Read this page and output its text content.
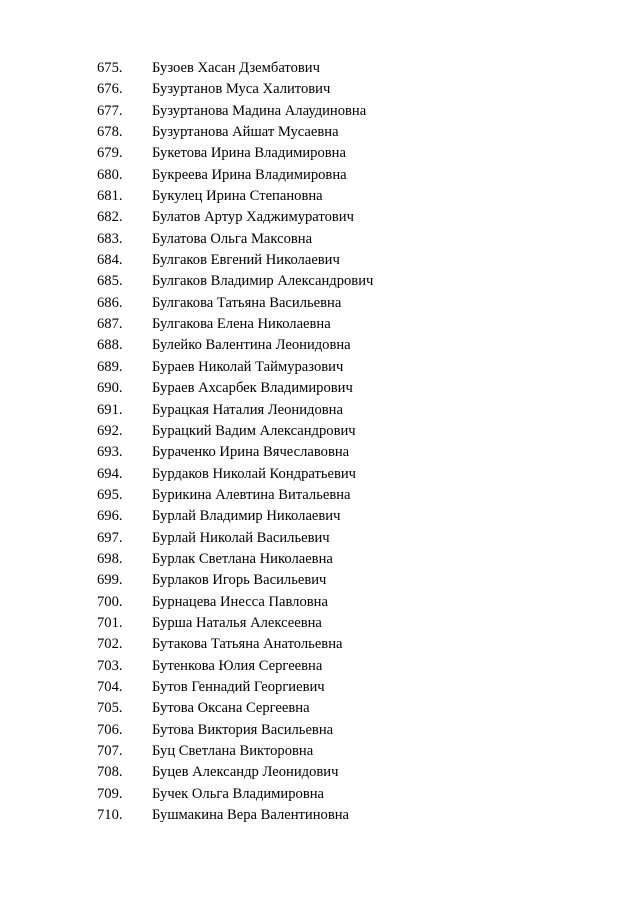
675. Бузоев Хасан Дзембатович
676. Бузуртанов Муса Халитович
677. Бузуртанова Мадина Алаудиновна
678. Бузуртанова Айшат Мусаевна
679. Букетова Ирина Владимировна
680. Букреева Ирина Владимировна
681. Букулец Ирина Степановна
682. Булатов Артур Хаджимуратович
683. Булатова Ольга Максовна
684. Булгаков Евгений Николаевич
685. Булгаков Владимир Александрович
686. Булгакова Татьяна Васильевна
687. Булгакова Елена Николаевна
688. Булейко Валентина Леонидовна
689. Бураев Николай Таймуразович
690. Бураев Ахсарбек Владимирович
691. Бурацкая Наталия Леонидовна
692. Бурацкий Вадим Александрович
693. Бураченко Ирина Вячеславовна
694. Бурдаков Николай Кондратьевич
695. Бурикина Алевтина Витальевна
696. Бурлай Владимир Николаевич
697. Бурлай Николай Васильевич
698. Бурлак Светлана Николаевна
699. Бурлаков Игорь Васильевич
700. Бурнацева Инесса Павловна
701. Бурша Наталья Алексеевна
702. Бутакова Татьяна Анатольевна
703. Бутенкова Юлия Сергеевна
704. Бутов Геннадий Георгиевич
705. Бутова Оксана Сергеевна
706. Бутова Виктория Васильевна
707. Буц Светлана Викторовна
708. Буцев Александр Леонидович
709. Бучек Ольга Владимировна
710. Бушмакина Вера Валентиновна
